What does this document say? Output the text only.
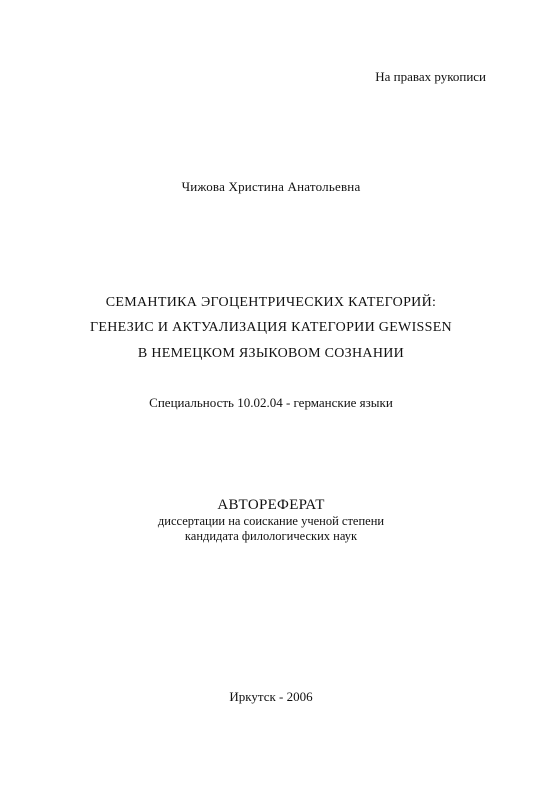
На правах рукописи
Чижова Христина Анатольевна
СЕМАНТИКА ЭГОЦЕНТРИЧЕСКИХ КАТЕГОРИЙ:
ГЕНЕЗИС И АКТУАЛИЗАЦИЯ КАТЕГОРИИ GEWISSEN
В НЕМЕЦКОМ ЯЗЫКОВОМ СОЗНАНИИ
Специальность 10.02.04 - германские языки
АВТОРЕФЕРАТ
диссертации на соискание ученой степени
кандидата филологических наук
Иркутск - 2006
